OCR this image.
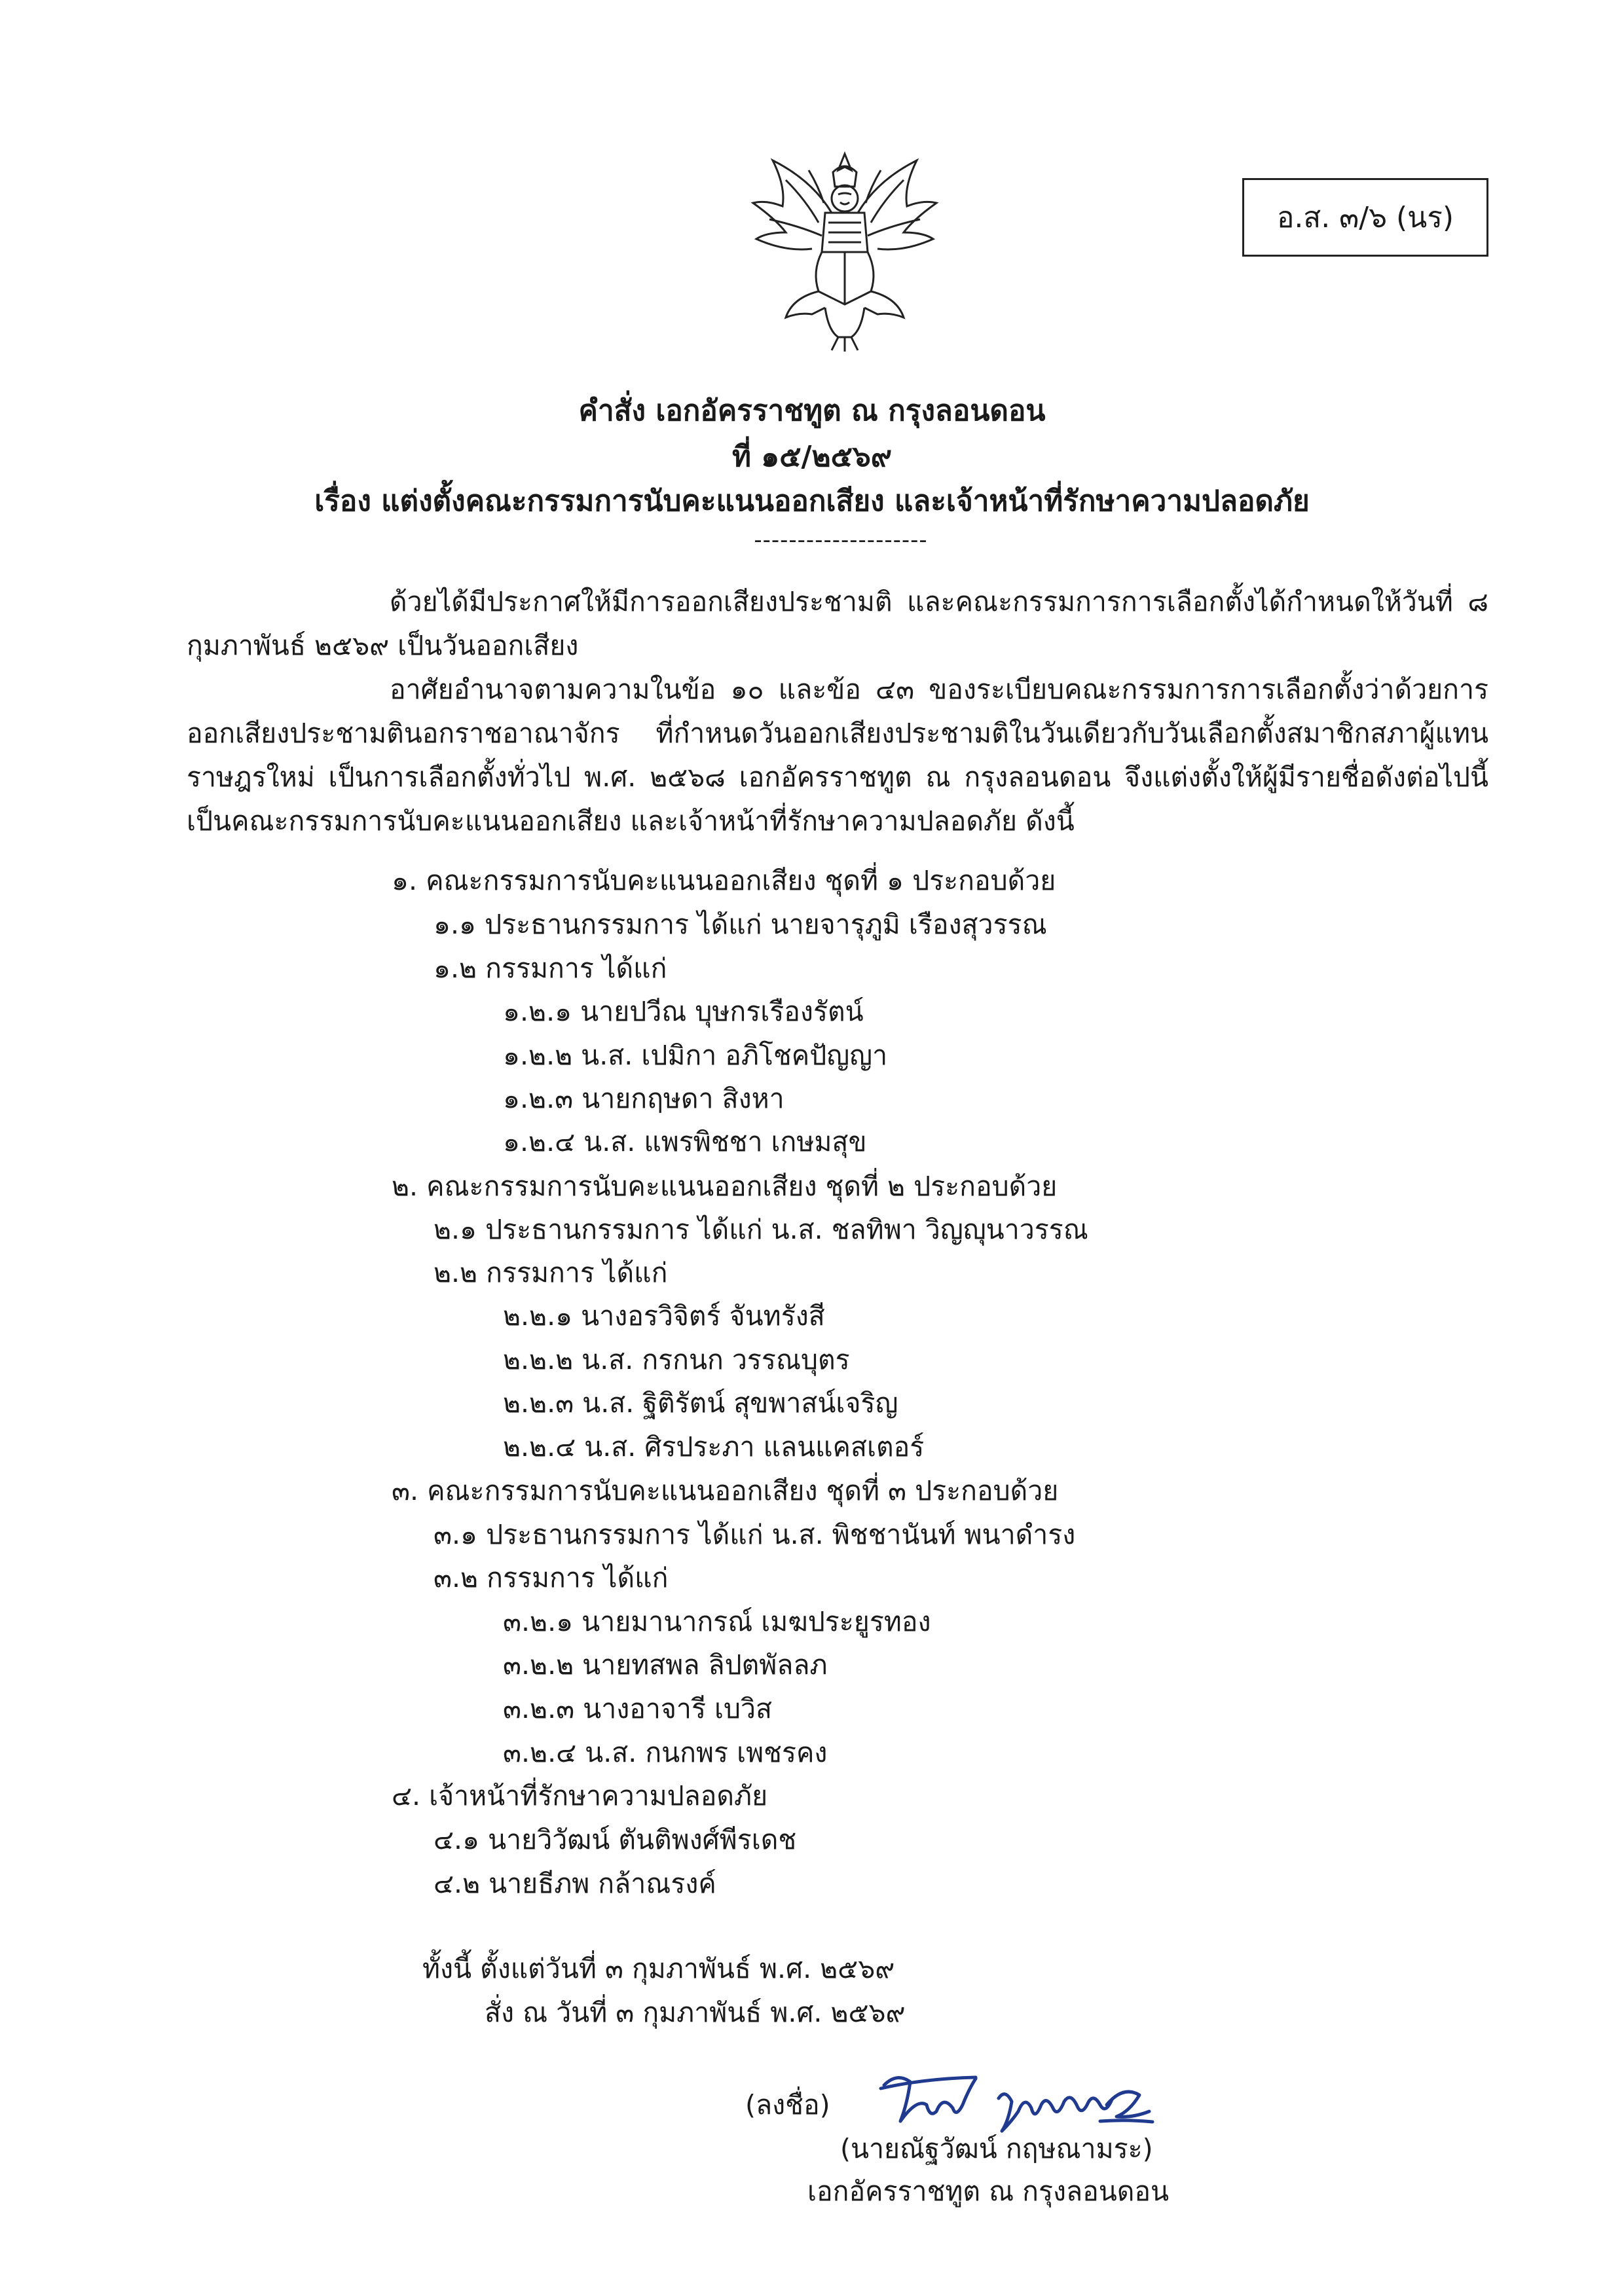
อ.ส. ๓/๖ (นร)
คำสั่ง เอกอัครราชทูต ณ กรุงลอนดอน
ที่ ๑๕/๒๕๖๙
เรื่อง แต่งตั้งคณะกรรมการนับคะแนนออกเสียง และเจ้าหน้าที่รักษาความปลอดภัย
--------------------

ด้วยได้มีประกาศให้มีการออกเสียงประชามติ และคณะกรรมการการเลือกตั้งได้กำหนดให้วันที่ ๘ กุมภาพันธ์ ๒๕๖๙ เป็นวันออกเสียง

อาศัยอำนาจตามความในข้อ ๑๐ และข้อ ๔๓ ของระเบียบคณะกรรมการการเลือกตั้งว่าด้วยการออกเสียงประชามตินอกราชอาณาจักร ที่กำหนดวันออกเสียงประชามติในวันเดียวกับวันเลือกตั้งสมาชิกสภาผู้แทนราษฎรใหม่ เป็นการเลือกตั้งทั่วไป พ.ศ. ๒๕๖๘ เอกอัครราชทูต ณ กรุงลอนดอน จึงแต่งตั้งให้ผู้มีรายชื่อดังต่อไปนี้ เป็นคณะกรรมการนับคะแนนออกเสียง และเจ้าหน้าที่รักษาความปลอดภัย ดังนี้

๑. คณะกรรมการนับคะแนนออกเสียง ชุดที่ ๑ ประกอบด้วย
๑.๑ ประธานกรรมการ ได้แก่ นายจารุภูมิ เรืองสุวรรณ
๑.๒ กรรมการ ได้แก่
๑.๒.๑ นายปวีณ บุษกรเรืองรัตน์
๑.๒.๒ น.ส. เปมิกา อภิโชคปัญญา
๑.๒.๓ นายกฤษดา สิงหา
๑.๒.๔ น.ส. แพรพิชชา เกษมสุข
๒. คณะกรรมการนับคะแนนออกเสียง ชุดที่ ๒ ประกอบด้วย
๒.๑ ประธานกรรมการ ได้แก่ น.ส. ชลทิพา วิญญุนาวรรณ
๒.๒ กรรมการ ได้แก่
๒.๒.๑ นางอรวิจิตร์ จันทรังสี
๒.๒.๒ น.ส. กรกนก วรรณบุตร
๒.๒.๓ น.ส. ฐิติรัตน์ สุขพาสน์เจริญ
๒.๒.๔ น.ส. ศิรประภา แลนแคสเตอร์
๓. คณะกรรมการนับคะแนนออกเสียง ชุดที่ ๓ ประกอบด้วย
๓.๑ ประธานกรรมการ ได้แก่ น.ส. พิชชานันท์ พนาดำรง
๓.๒ กรรมการ ได้แก่
๓.๒.๑ นายมานากรณ์ เมฆประยูรทอง
๓.๒.๒ นายทสพล ลิปตพัลลภ
๓.๒.๓ นางอาจารี เบวิส
๓.๒.๔ น.ส. กนกพร เพชรคง
๔. เจ้าหน้าที่รักษาความปลอดภัย
๔.๑ นายวิวัฒน์ ตันติพงศ์พีรเดช
๔.๒ นายธีภพ กล้าณรงค์
ทั้งนี้ ตั้งแต่วันที่ ๓ กุมภาพันธ์ พ.ศ. ๒๕๖๙
สั่ง ณ วันที่ ๓ กุมภาพันธ์ พ.ศ. ๒๕๖๙
(ลงชื่อ)
(นายณัฐวัฒน์ กฤษณามระ)
เอกอัครราชทูต ณ กรุงลอนดอน
